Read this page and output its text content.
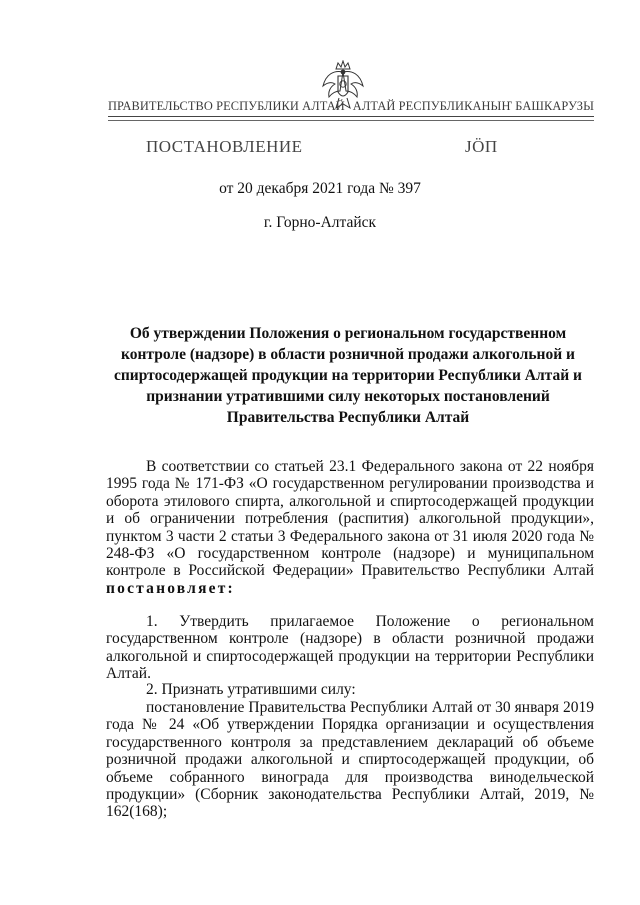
ПРАВИТЕЛЬСТВО РЕСПУБЛИКИ АЛТАЙ АЛТАЙ РЕСПУБЛИКАНЫҤ БАШКАРУЗЫ
ПОСТАНОВЛЕНИЕ	JӦП
от 20 декабря 2021 года № 397
г. Горно-Алтайск
Об утверждении Положения о региональном государственном
контроле (надзоре) в области розничной продажи алкогольной и
спиртосодержащей продукции на территории Республики Алтай и
признании утратившими силу некоторых постановлений
Правительства Республики Алтай
В соответствии со статьей 23.1 Федерального закона от 22 ноября 1995 года № 171-ФЗ «О государственном регулировании производства и оборота этилового спирта, алкогольной и спиртосодержащей продукции и об ограничении потребления (распития) алкогольной продукции», пунктом 3 части 2 статьи 3 Федерального закона от 31 июля 2020 года № 248-ФЗ «О государственном контроле (надзоре) и муниципальном контроле в Российской Федерации» Правительство Республики Алтай постановляет:
1. Утвердить прилагаемое Положение о региональном государственном контроле (надзоре) в области розничной продажи алкогольной и спиртосодержащей продукции на территории Республики Алтай.
2. Признать утратившими силу:
постановление Правительства Республики Алтай от 30 января 2019 года № 24 «Об утверждении Порядка организации и осуществления государственного контроля за представлением деклараций об объеме розничной продажи алкогольной и спиртосодержащей продукции, об объеме собранного винограда для производства винодельческой продукции» (Сборник законодательства Республики Алтай, 2019, № 162(168);
